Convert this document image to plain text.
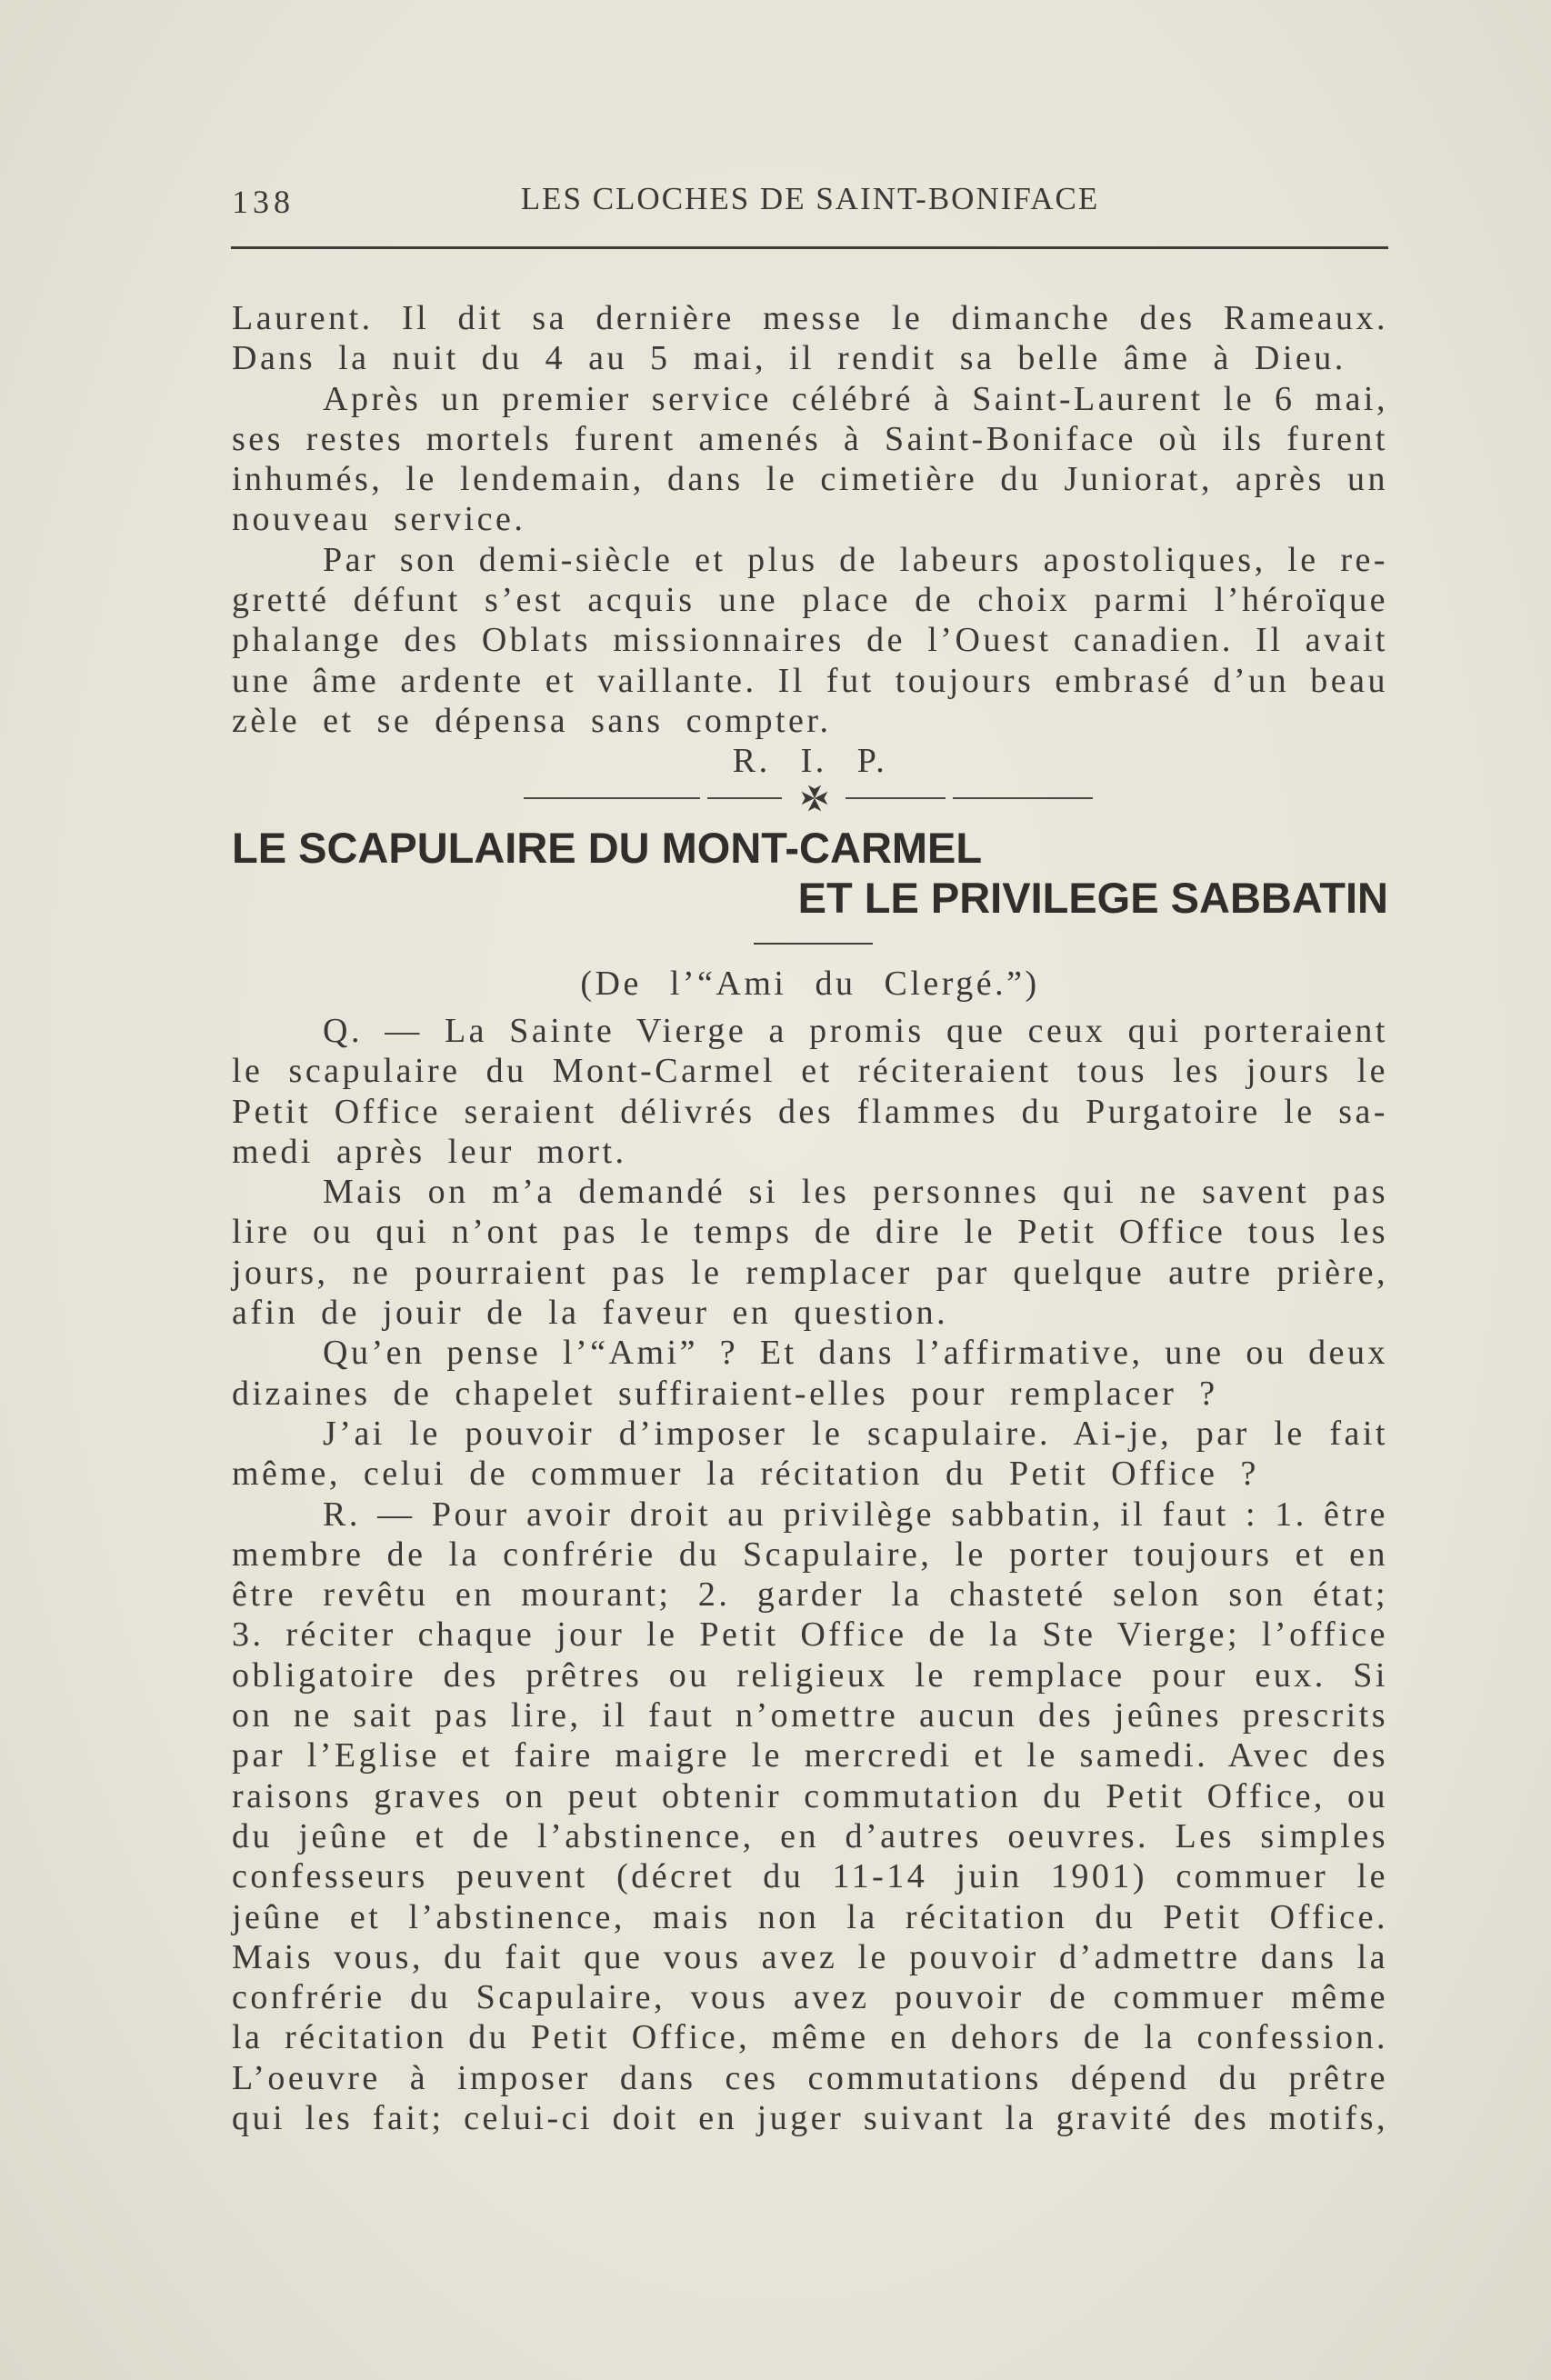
138	LES CLOCHES DE SAINT-BONIFACE
Laurent. Il dit sa dernière messe le dimanche des Rameaux.
Dans la nuit du 4 au 5 mai, il rendit sa belle âme à Dieu.
Après un premier service célébré à Saint-Laurent le 6 mai,
ses restes mortels furent amenés à Saint-Boniface où ils furent
inhumés, le lendemain, dans le cimetière du Juniorat, après un
nouveau service.
Par son demi-siècle et plus de labeurs apostoliques, le re-
gretté défunt s’est acquis une place de choix parmi l’héroïque
phalange des Oblats missionnaires de l’Ouest canadien. Il avait
une âme ardente et vaillante. Il fut toujours embrasé d’un beau
zèle et se dépensa sans compter.
R. I. P.
LE SCAPULAIRE DU MONT-CARMEL
ET LE PRIVILEGE SABBATIN
(De l’“Ami du Clergé.”)
Q. — La Sainte Vierge a promis que ceux qui porteraient
le scapulaire du Mont-Carmel et réciteraient tous les jours le
Petit Office seraient délivrés des flammes du Purgatoire le sa-
medi après leur mort.
Mais on m’a demandé si les personnes qui ne savent pas
lire ou qui n’ont pas le temps de dire le Petit Office tous les
jours, ne pourraient pas le remplacer par quelque autre prière,
afin de jouir de la faveur en question.
Qu’en pense l’“Ami” ? Et dans l’affirmative, une ou deux
dizaines de chapelet suffiraient-elles pour remplacer ?
J’ai le pouvoir d’imposer le scapulaire. Ai-je, par le fait
même, celui de commuer la récitation du Petit Office ?
R. — Pour avoir droit au privilège sabbatin, il faut : 1. être
membre de la confrérie du Scapulaire, le porter toujours et en
être revêtu en mourant; 2. garder la chasteté selon son état;
3. réciter chaque jour le Petit Office de la Ste Vierge; l’office
obligatoire des prêtres ou religieux le remplace pour eux. Si
on ne sait pas lire, il faut n’omettre aucun des jeûnes prescrits
par l’Eglise et faire maigre le mercredi et le samedi. Avec des
raisons graves on peut obtenir commutation du Petit Office, ou
du jeûne et de l’abstinence, en d’autres oeuvres. Les simples
confesseurs peuvent (décret du 11-14 juin 1901) commuer le
jeûne et l’abstinence, mais non la récitation du Petit Office.
Mais vous, du fait que vous avez le pouvoir d’admettre dans la
confrérie du Scapulaire, vous avez pouvoir de commuer même
la récitation du Petit Office, même en dehors de la confession.
L’oeuvre à imposer dans ces commutations dépend du prêtre
qui les fait; celui-ci doit en juger suivant la gravité des motifs,
